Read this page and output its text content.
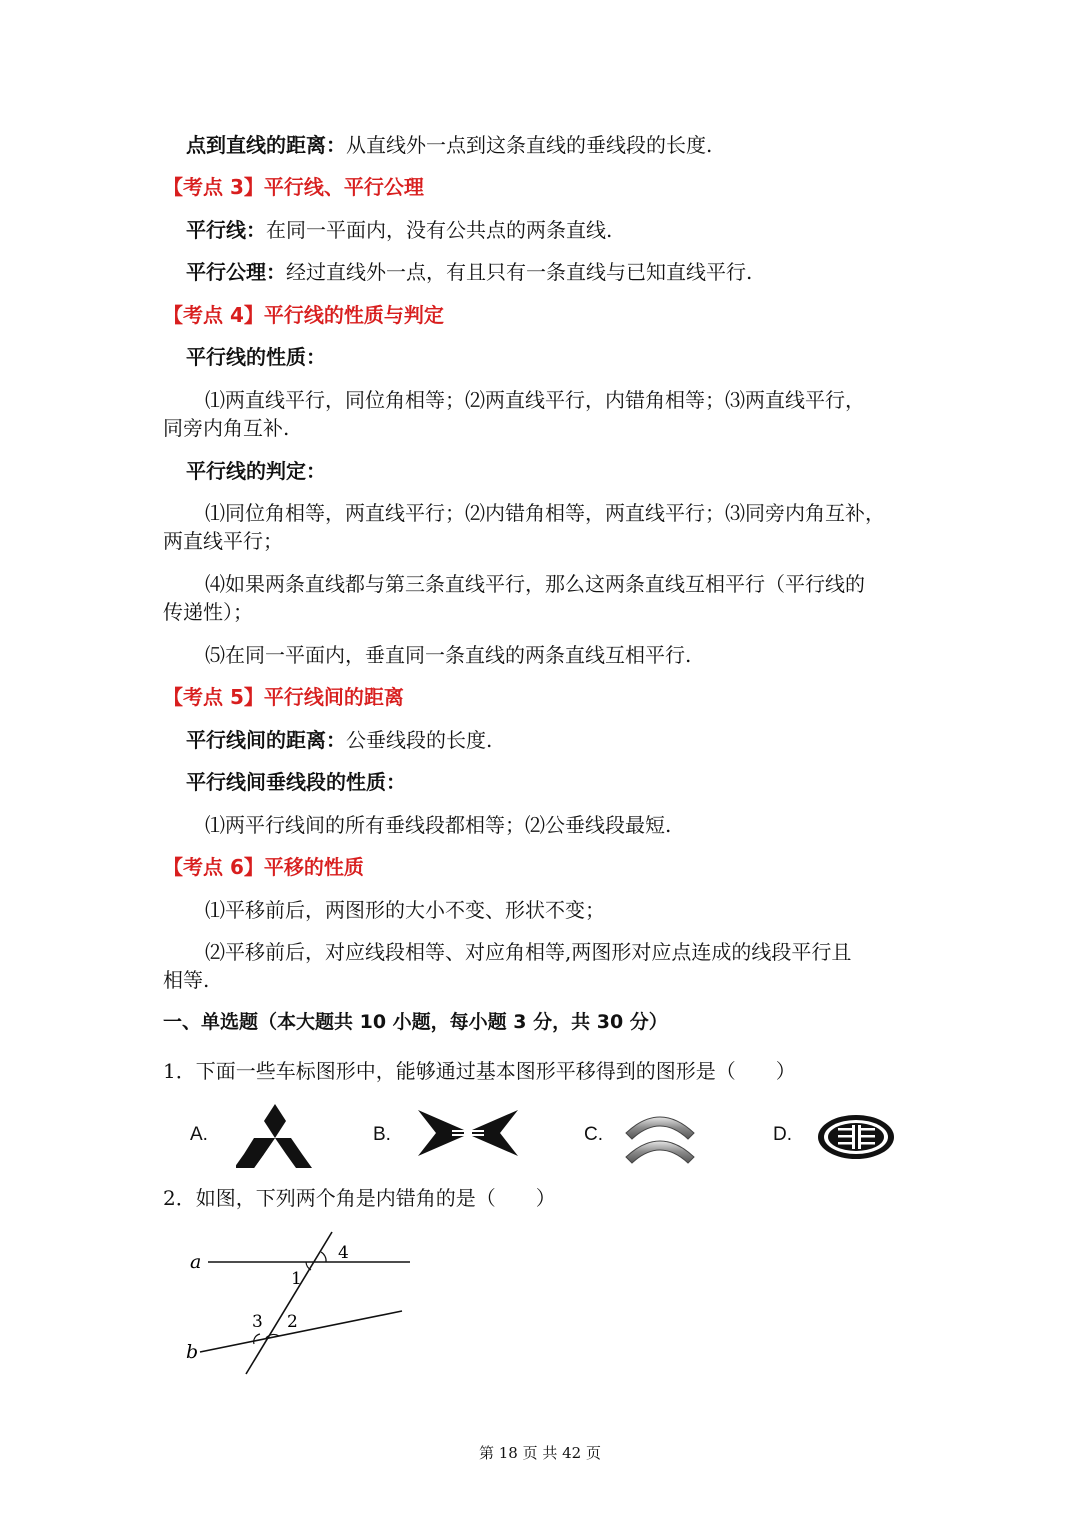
点到直线的距离：从直线外一点到这条直线的垂线段的长度.
【考点 3】平行线、平行公理
平行线：在同一平面内，没有公共点的两条直线.
平行公理：经过直线外一点，有且只有一条直线与已知直线平行.
【考点 4】平行线的性质与判定
平行线的性质：
⑴两直线平行，同位角相等；⑵两直线平行，内错角相等；⑶两直线平行，
同旁内角互补.
平行线的判定：
⑴同位角相等，两直线平行；⑵内错角相等，两直线平行；⑶同旁内角互补，
两直线平行；
⑷如果两条直线都与第三条直线平行，那么这两条直线互相平行（平行线的
传递性）；
⑸在同一平面内，垂直同一条直线的两条直线互相平行.
【考点 5】平行线间的距离
平行线间的距离：公垂线段的长度.
平行线间垂线段的性质：
⑴两平行线间的所有垂线段都相等；⑵公垂线段最短.
【考点 6】平移的性质
⑴平移前后，两图形的大小不变、形状不变；
⑵平移前后，对应线段相等、对应角相等,两图形对应点连成的线段平行且
相等.
一、单选题（本大题共 10 小题，每小题 3 分，共 30 分）
1．下面一些车标图形中，能够通过基本图形平移得到的图形是（　　）
A.	B.	C.	D.
2．如图，下列两个角是内错角的是（　　）
a
b
1
4
3 2
第 18 页 共 42 页
